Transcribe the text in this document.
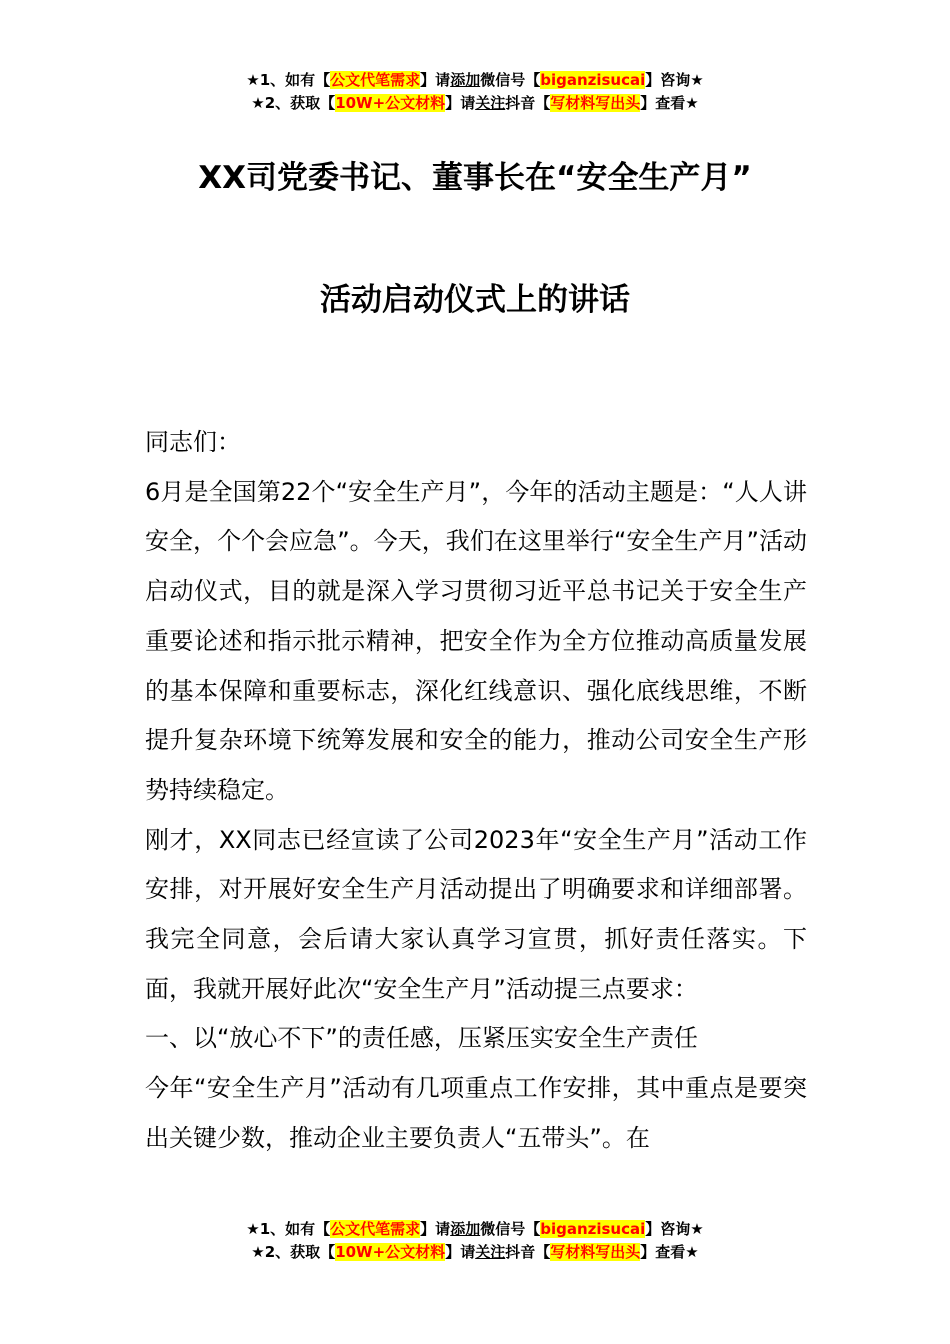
★1、如有【公文代笔需求】请添加微信号【biganzisucai】咨询★
★2、获取【10W+公文材料】请关注抖音【写材料写出头】查看★
XX司党委书记、董事长在“安全生产月”
活动启动仪式上的讲话

同志们：

6月是全国第22个“安全生产月”，今年的活动主题是：“人人讲安全，个个会应急”。今天，我们在这里举行“安全生产月”活动启动仪式，目的就是深入学习贯彻习近平总书记关于安全生产重要论述和指示批示精神，把安全作为全方位推动高质量发展的基本保障和重要标志，深化红线意识、强化底线思维，不断提升复杂环境下统筹发展和安全的能力，推动公司安全生产形势持续稳定。

刚才，XX同志已经宣读了公司2023年“安全生产月”活动工作安排，对开展好安全生产月活动提出了明确要求和详细部署。我完全同意，会后请大家认真学习宣贯，抓好责任落实。下面，我就开展好此次“安全生产月”活动提三点要求：

一、以“放心不下”的责任感，压紧压实安全生产责任

今年“安全生产月”活动有几项重点工作安排，其中重点是要突出关键少数，推动企业主要负责人“五带头”。在

★1、如有【公文代笔需求】请添加微信号【biganzisucai】咨询★
★2、获取【10W+公文材料】请关注抖音【写材料写出头】查看★
